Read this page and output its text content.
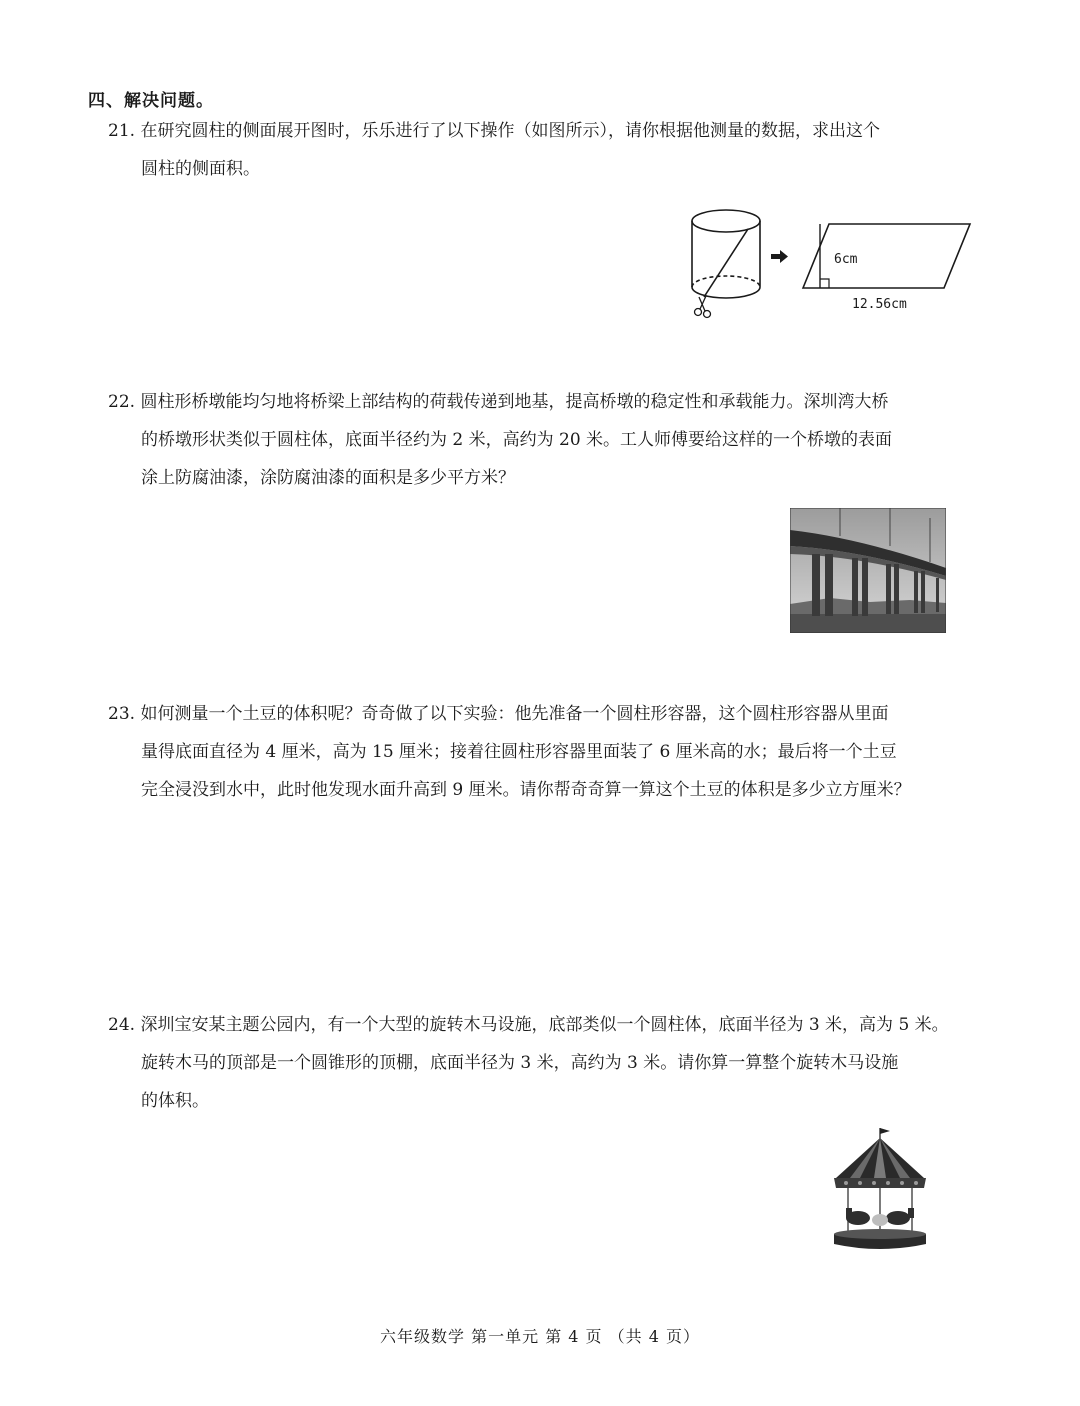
四、解决问题。
21. 在研究圆柱的侧面展开图时，乐乐进行了以下操作（如图所示），请你根据他测量的数据，求出这个
圆柱的侧面积。
6cm
12.56cm
22. 圆柱形桥墩能均匀地将桥梁上部结构的荷载传递到地基，提高桥墩的稳定性和承载能力。深圳湾大桥
的桥墩形状类似于圆柱体，底面半径约为 2 米，高约为 20 米。工人师傅要给这样的一个桥墩的表面
涂上防腐油漆，涂防腐油漆的面积是多少平方米？
23. 如何测量一个土豆的体积呢？奇奇做了以下实验：他先准备一个圆柱形容器，这个圆柱形容器从里面
量得底面直径为 4 厘米，高为 15 厘米；接着往圆柱形容器里面装了 6 厘米高的水；最后将一个土豆
完全浸没到水中，此时他发现水面升高到 9 厘米。请你帮奇奇算一算这个土豆的体积是多少立方厘米？
24. 深圳宝安某主题公园内，有一个大型的旋转木马设施，底部类似一个圆柱体，底面半径为 3 米，高为 5 米。
旋转木马的顶部是一个圆锥形的顶棚，底面半径为 3 米，高约为 3 米。请你算一算整个旋转木马设施
的体积。
六年级数学 第一单元 第 4 页 （共 4 页）
